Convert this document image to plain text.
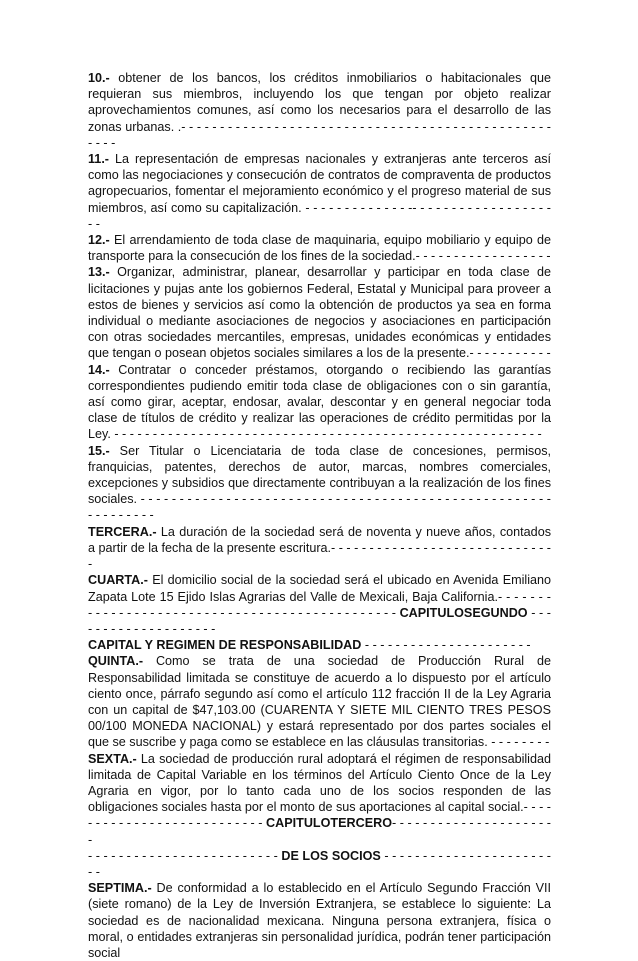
10.- obtener de los bancos, los créditos inmobiliarios o habitacionales que requieran sus miembros, incluyendo los que tengan por objeto realizar aprovechamientos comunes, así como los necesarios para el desarrollo de las zonas urbanas. .- - - - - - - - - - - - - - - - - - - - - - - - - - - - - - - - - - - - - - - - - - - - - - - - - - - -

11.- La representación de empresas nacionales y extranjeras ante terceros así como las negociaciones y consecución de contratos de compraventa de productos agropecuarios, fomentar el mejoramiento económico y el progreso material de sus miembros, así como su capitalización. - - - - - - - - - - - - - -- - - - - - - - - - - - - - - - - - - -

12.- El arrendamiento de toda clase de maquinaria, equipo mobiliario y equipo de transporte para la consecución de los fines de la sociedad.- - - - - - - - - - - - - - - - - -

13.- Organizar, administrar, planear, desarrollar y participar en toda clase de licitaciones y pujas ante los gobiernos Federal, Estatal y Municipal para proveer a estos de bienes y servicios así como la obtención de productos ya sea en forma individual o mediante asociaciones de negocios y asociaciones en participación con otras sociedades mercantiles, empresas, unidades económicas y entidades que tengan o posean objetos sociales similares a los de la presente.- - - - - - - - - - -

14.- Contratar o conceder préstamos, otorgando o recibiendo las garantías correspondientes pudiendo emitir toda clase de obligaciones con o sin garantía, así como girar, aceptar, endosar, avalar, descontar y en general negociar toda clase de títulos de crédito y realizar las operaciones de crédito permitidas por la Ley. - - - - - - - - - - - - - - - - - - - - - - - - - - - - - - - - - - - - - - - - - - - - - - - - - - - - - - - -

15.- Ser Titular o Licenciataria de toda clase de concesiones, permisos, franquicias, patentes, derechos de autor, marcas, nombres comerciales, excepciones y subsidios que directamente contribuyan a la realización de los fines sociales. - - - - - - - - - - - - - - - - - - - - - - - - - - - - - - - - - - - - - - - - - - - - - - - - - - - - - - - - - - - - - -

TERCERA.- La duración de la sociedad será de noventa y nueve años, contados a partir de la fecha de la presente escritura.- - - - - - - - - - - - - - - - - - - - - - - - - - - - - -

CUARTA.- El domicilio social de la sociedad será el ubicado en Avenida Emiliano Zapata Lote 15 Ejido Islas Agrarias del Valle de Mexicali, Baja California.- - - - - - - - - - - - - - - - - - - - - - - - - - - - - - - - - - - - - - - - - - - - - - - CAPITULOSEGUNDO - - - - - - - - - - - - - - - - - - - -

CAPITAL Y REGIMEN DE RESPONSABILIDAD - - - - - - - - - - - - - - - - - - - - - -

QUINTA.- Como se trata de una sociedad de Producción Rural de Responsabilidad limitada se constituye de acuerdo a lo dispuesto por el artículo ciento once, párrafo segundo así como el artículo 112 fracción II de la Ley Agraria con un capital de $47,103.00 (CUARENTA Y SIETE MIL CIENTO TRES PESOS 00/100 MONEDA NACIONAL) y estará representado por dos partes sociales el que se suscribe y paga como se establece en las cláusulas transitorias. - - - - - - - -

SEXTA.- La sociedad de producción rural adoptará el régimen de responsabilidad limitada de Capital Variable en los términos del Artículo Ciento Once de la Ley Agraria en vigor, por lo tanto cada uno de los socios responden de las obligaciones sociales hasta por el monto de sus aportaciones al capital social.- - - -- - - - - - - - - - - - - - - - - - - - - - - CAPITULOTERCERO- - - - - - - - - - - - - - - - - - - - - -

- - - - - - - - - - - - - - - - - - - - - - - - - DE LOS SOCIOS - - - - - - - - - - - - - - - - - - - - - - - -

SEPTIMA.- De conformidad a lo establecido en el Artículo Segundo Fracción VII (siete romano) de la Ley de Inversión Extranjera, se establece lo siguiente: La sociedad es de nacionalidad mexicana. Ninguna persona extranjera, física o moral, o entidades extranjeras sin personalidad jurídica, podrán tener participación social
